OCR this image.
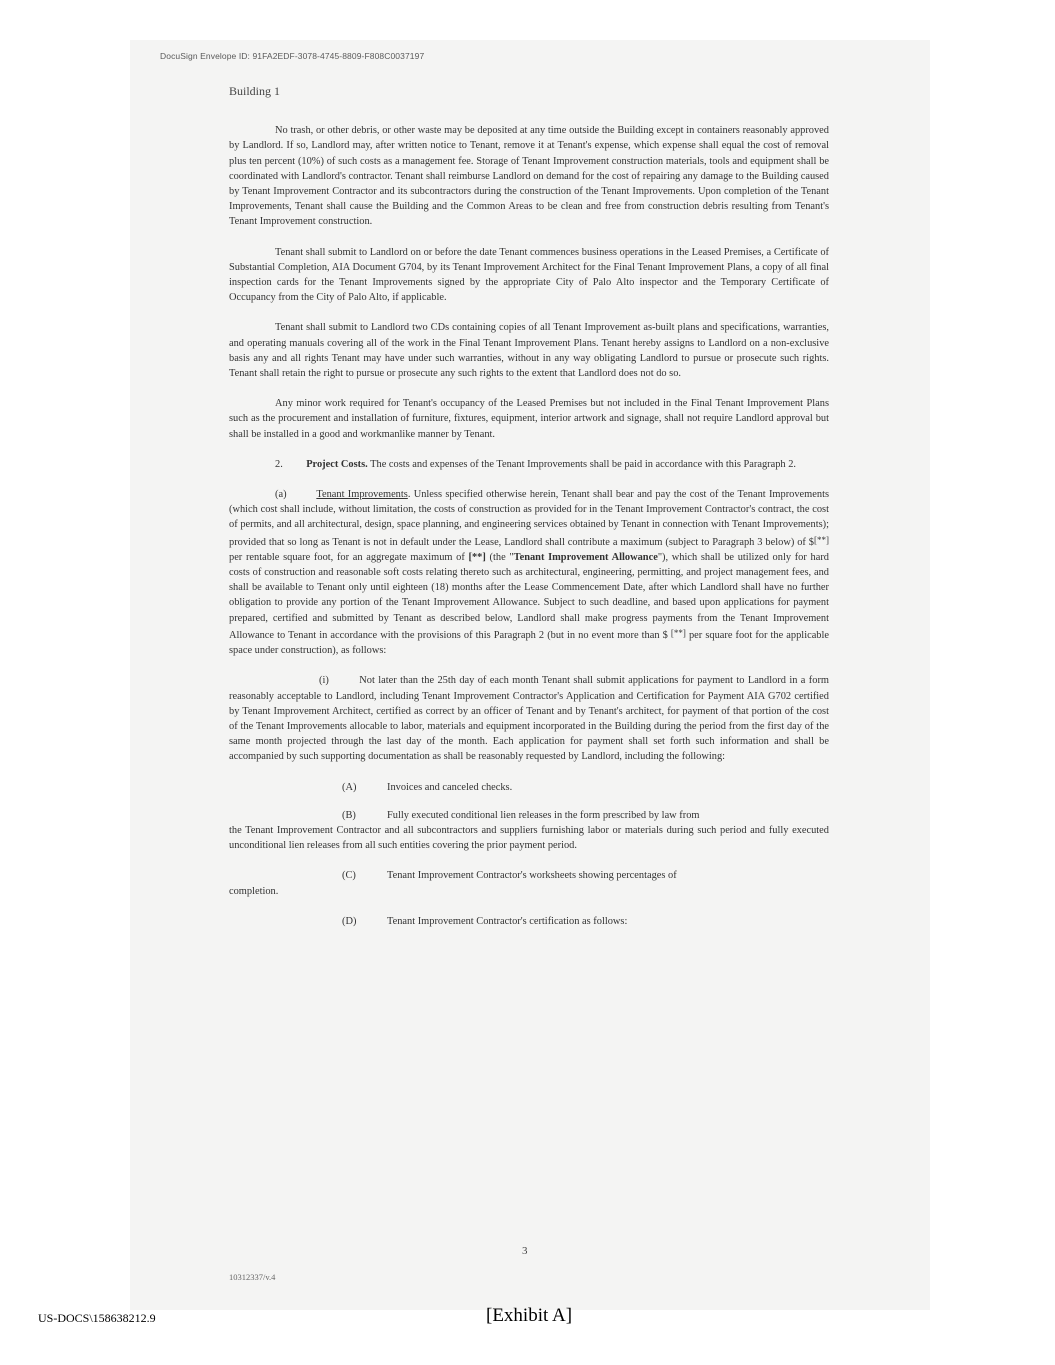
DocuSign Envelope ID: 91FA2EDF-3078-4745-8809-F808C0037197
Building 1

No trash, or other debris, or other waste may be deposited at any time outside the Building except in containers reasonably approved by Landlord. If so, Landlord may, after written notice to Tenant, remove it at Tenant's expense, which expense shall equal the cost of removal plus ten percent (10%) of such costs as a management fee. Storage of Tenant Improvement construction materials, tools and equipment shall be coordinated with Landlord's contractor. Tenant shall reimburse Landlord on demand for the cost of repairing any damage to the Building caused by Tenant Improvement Contractor and its subcontractors during the construction of the Tenant Improvements. Upon completion of the Tenant Improvements, Tenant shall cause the Building and the Common Areas to be clean and free from construction debris resulting from Tenant's Tenant Improvement construction.

Tenant shall submit to Landlord on or before the date Tenant commences business operations in the Leased Premises, a Certificate of Substantial Completion, AIA Document G704, by its Tenant Improvement Architect for the Final Tenant Improvement Plans, a copy of all final inspection cards for the Tenant Improvements signed by the appropriate City of Palo Alto inspector and the Temporary Certificate of Occupancy from the City of Palo Alto, if applicable.

Tenant shall submit to Landlord two CDs containing copies of all Tenant Improvement as-built plans and specifications, warranties, and operating manuals covering all of the work in the Final Tenant Improvement Plans. Tenant hereby assigns to Landlord on a non-exclusive basis any and all rights Tenant may have under such warranties, without in any way obligating Landlord to pursue or prosecute such rights. Tenant shall retain the right to pursue or prosecute any such rights to the extent that Landlord does not do so.

Any minor work required for Tenant's occupancy of the Leased Premises but not included in the Final Tenant Improvement Plans such as the procurement and installation of furniture, fixtures, equipment, interior artwork and signage, shall not require Landlord approval but shall be installed in a good and workmanlike manner by Tenant.

2. Project Costs. The costs and expenses of the Tenant Improvements shall be paid in accordance with this Paragraph 2.

(a)	Tenant Improvements. Unless specified otherwise herein, Tenant shall bear and pay the cost of the Tenant Improvements (which cost shall include, without limitation, the costs of construction as provided for in the Tenant Improvement Contractor's contract, the cost of permits, and all architectural, design, space planning, and engineering services obtained by Tenant in connection with Tenant Improvements); provided that so long as Tenant is not in default under the Lease, Landlord shall contribute a maximum (subject to Paragraph 3 below) of $[**] per rentable square foot, for an aggregate maximum of [**] (the "Tenant Improvement Allowance"), which shall be utilized only for hard costs of construction and reasonable soft costs relating thereto such as architectural, engineering, permitting, and project management fees, and shall be available to Tenant only until eighteen (18) months after the Lease Commencement Date, after which Landlord shall have no further obligation to provide any portion of the Tenant Improvement Allowance. Subject to such deadline, and based upon applications for payment prepared, certified and submitted by Tenant as described below, Landlord shall make progress payments from the Tenant Improvement Allowance to Tenant in accordance with the provisions of this Paragraph 2 (but in no event more than $ [**] per square foot for the applicable space under construction), as follows:

(i)	Not later than the 25th day of each month Tenant shall submit applications for payment to Landlord in a form reasonably acceptable to Landlord, including Tenant Improvement Contractor's Application and Certification for Payment AIA G702 certified by Tenant Improvement Architect, certified as correct by an officer of Tenant and by Tenant's architect, for payment of that portion of the cost of the Tenant Improvements allocable to labor, materials and equipment incorporated in the Building during the period from the first day of the same month projected through the last day of the month. Each application for payment shall set forth such information and shall be accompanied by such supporting documentation as shall be reasonably requested by Landlord, including the following:

(A)	Invoices and canceled checks.
(B)	Fully executed conditional lien releases in the form prescribed by law from
the Tenant Improvement Contractor and all subcontractors and suppliers furnishing labor or materials during such period and fully executed unconditional lien releases from all such entities covering the prior payment period.
(C)	Tenant Improvement Contractor's worksheets showing percentages of
completion.
(D)	Tenant Improvement Contractor's certification as follows:
3
10312337/v.4
US-DOCS\158638212.9	[Exhibit A]
